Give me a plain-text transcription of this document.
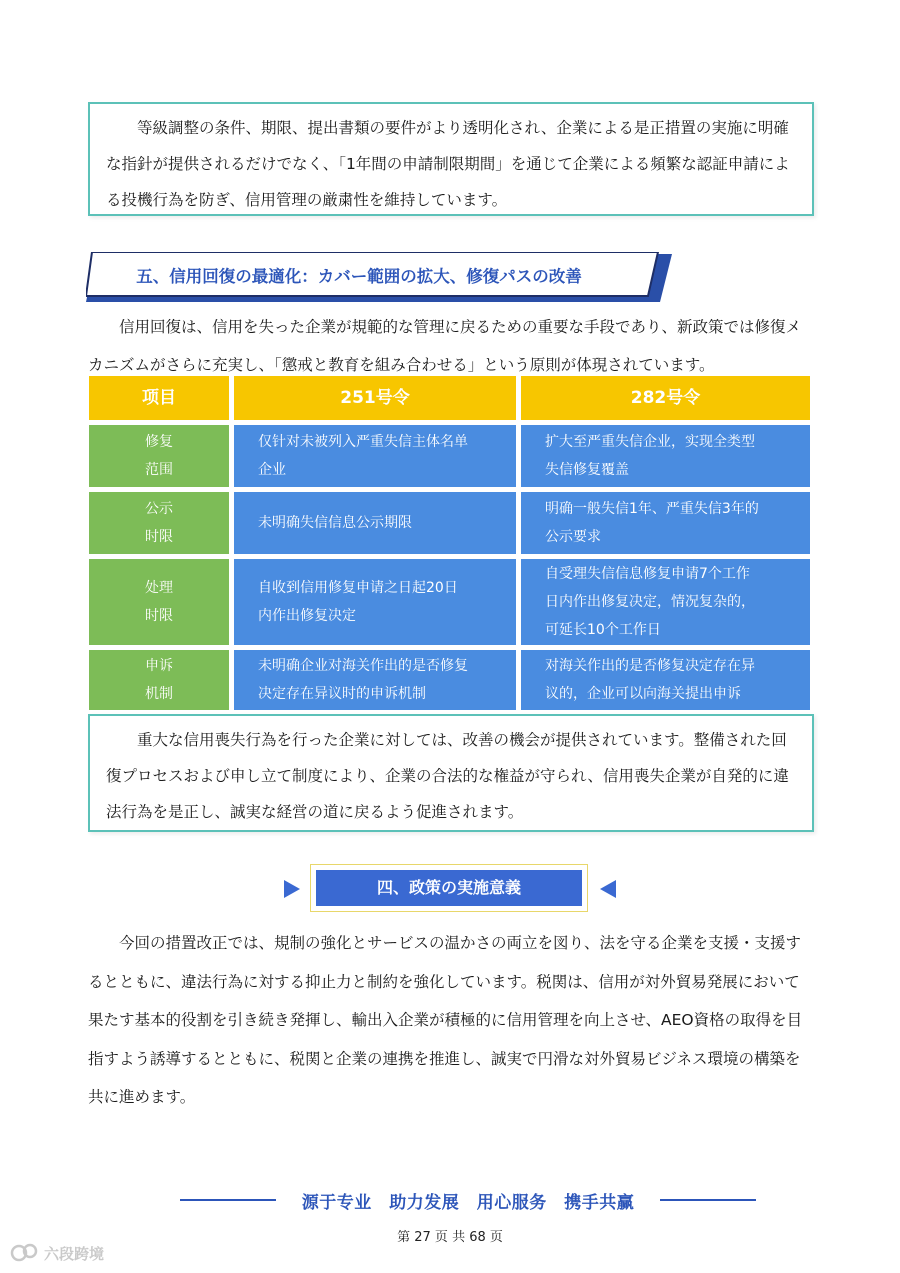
等級調整の条件、期限、提出書類の要件がより透明化され、企業による是正措置の実施に明確な指針が提供されるだけでなく、「1年間の申請制限期間」を通じて企業による頻繁な認証申請による投機行為を防ぎ、信用管理の厳粛性を維持しています。

五、信用回復の最適化：カバー範囲の拡大、修復パスの改善

信用回復は、信用を失った企業が規範的な管理に戻るための重要な手段であり、新政策では修復メカニズムがさらに充実し、「懲戒と教育を組み合わせる」という原則が体現されています。

项目	251号令	282号令
修复
范围
仅针对未被列入严重失信主体名单
企业
扩大至严重失信企业，实现全类型
失信修复覆盖
公示
时限
未明确失信信息公示期限
明确一般失信1年、严重失信3年的
公示要求
处理
时限
自收到信用修复申请之日起20日
内作出修复决定
自受理失信信息修复申请7个工作
日内作出修复决定，情况复杂的，
可延长10个工作日
申诉
机制
未明确企业对海关作出的是否修复
决定存在异议时的申诉机制
对海关作出的是否修复决定存在异
议的，企业可以向海关提出申诉

重大な信用喪失行為を行った企業に対しては、改善の機会が提供されています。整備された回復プロセスおよび申し立て制度により、企業の合法的な権益が守られ、信用喪失企業が自発的に違法行為を是正し、誠実な経営の道に戻るよう促進されます。

四、政策の実施意義

今回の措置改正では、規制の強化とサービスの温かさの両立を図り、法を守る企業を支援・支援するとともに、違法行為に対する抑止力と制約を強化しています。税関は、信用が対外貿易発展において果たす基本的役割を引き続き発揮し、輸出入企業が積極的に信用管理を向上させ、AEO資格の取得を目指すよう誘導するとともに、税関と企業の連携を推進し、誠実で円滑な対外貿易ビジネス環境の構築を共に進めます。

源于专业　助力发展　用心服务　携手共赢
第 27 页 共 68 页
六段跨境
